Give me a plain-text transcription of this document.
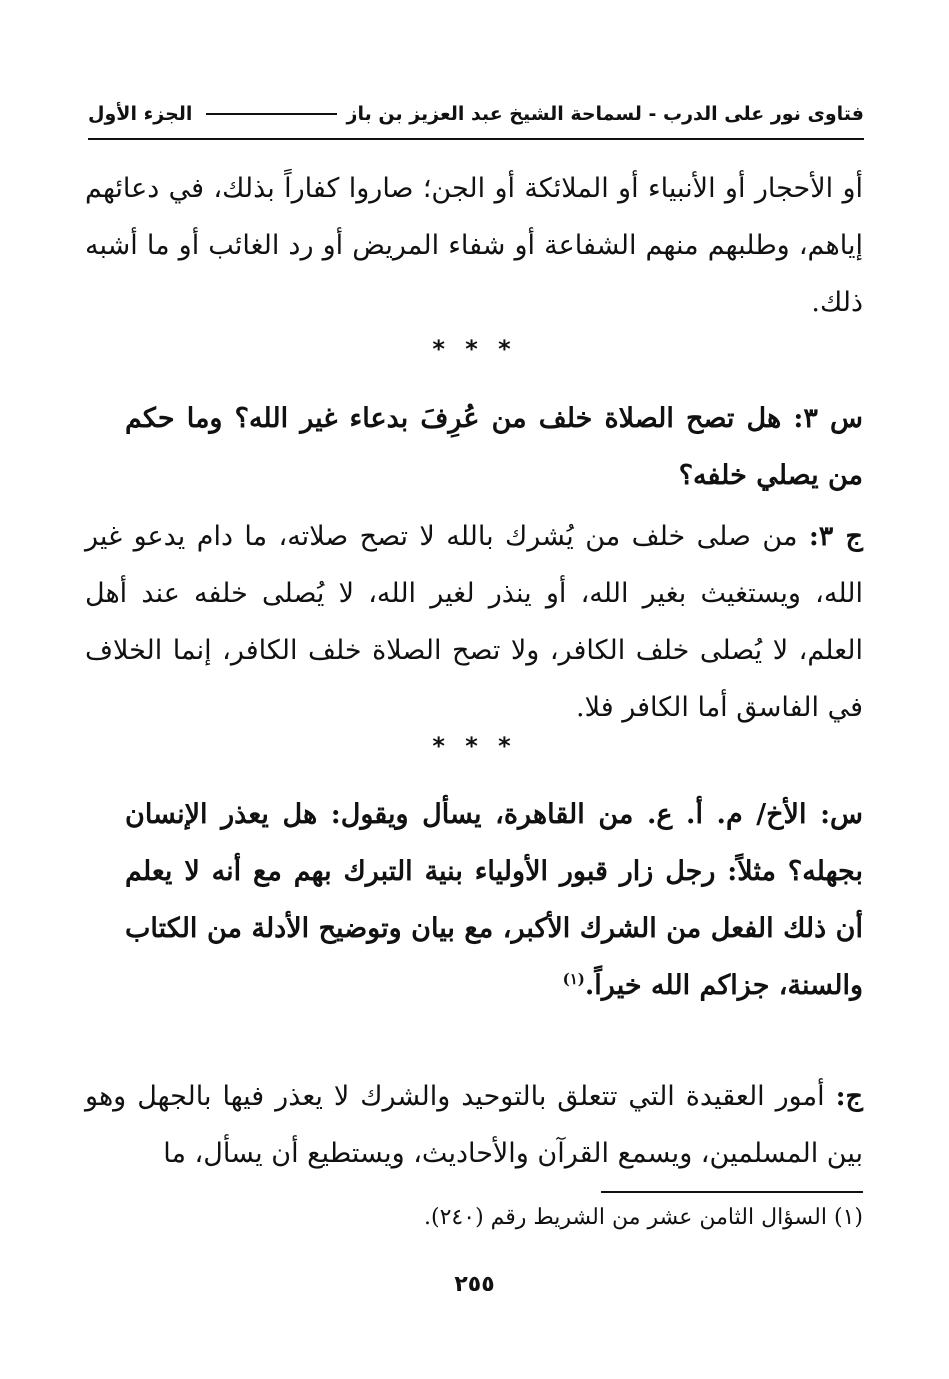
فتاوى نور على الدرب - لسماحة الشيخ عبد العزيز بن باز
الجزء الأول

أو الأحجار أو الأنبياء أو الملائكة أو الجن؛ صاروا كفاراً بذلك، في دعائهم إياهم، وطلبهم منهم الشفاعة أو شفاء المريض أو رد الغائب أو ما أشبه ذلك.

* * *

س ٣: هل تصح الصلاة خلف من عُرِفَ بدعاء غير الله؟ وما حكم من يصلي خلفه؟

ج ٣: من صلى خلف من يُشرك بالله لا تصح صلاته، ما دام يدعو غير الله، ويستغيث بغير الله، أو ينذر لغير الله، لا يُصلى خلفه عند أهل العلم، لا يُصلى خلف الكافر، ولا تصح الصلاة خلف الكافر، إنما الخلاف في الفاسق أما الكافر فلا.

* * *

س: الأخ/ م. أ. ع. من القاهرة، يسأل ويقول: هل يعذر الإنسان بجهله؟ مثلاً: رجل زار قبور الأولياء بنية التبرك بهم مع أنه لا يعلم أن ذلك الفعل من الشرك الأكبر، مع بيان وتوضيح الأدلة من الكتاب والسنة، جزاكم الله خيراً.$^{(١)}$

ج: أمور العقيدة التي تتعلق بالتوحيد والشرك لا يعذر فيها بالجهل وهو بين المسلمين، ويسمع القرآن والأحاديث، ويستطيع أن يسأل، ما

(١) السؤال الثامن عشر من الشريط رقم (٢٤٠).

٢٥٥
